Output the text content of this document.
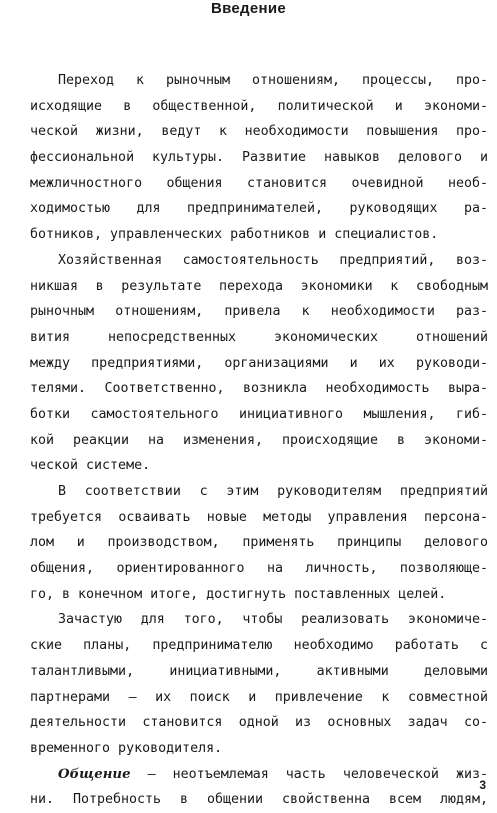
Введение
Переход к рыночным отношениям, процессы, про-
исходящие в общественной, политической и экономи-
ческой жизни, ведут к необходимости повышения про-
фессиональной культуры. Развитие навыков делового и
межличностного общения становится очевидной необ-
ходимостью для предпринимателей, руководящих ра-
ботников, управленческих работников и специалистов.
Хозяйственная самостоятельность предприятий, воз-
никшая в результате перехода экономики к свободным
рыночным отношениям, привела к необходимости раз-
вития непосредственных экономических отношений
между предприятиями, организациями и их руководи-
телями. Соответственно, возникла необходимость выра-
ботки самостоятельного инициативного мышления, гиб-
кой реакции на изменения, происходящие в экономи-
ческой системе.
В соответствии с этим руководителям предприятий
требуется осваивать новые методы управления персона-
лом и производством, применять принципы делового
общения, ориентированного на личность, позволяюще-
го, в конечном итоге, достигнуть поставленных целей.
Зачастую для того, чтобы реализовать экономиче-
ские планы, предпринимателю необходимо работать с
талантливыми, инициативными, активными деловыми
партнерами — их поиск и привлечение к совместной
деятельности становится одной из основных задач со-
временного руководителя.
Общение — неотъемлемая часть человеческой жиз-
ни. Потребность в общении свойственна всем людям,
3
